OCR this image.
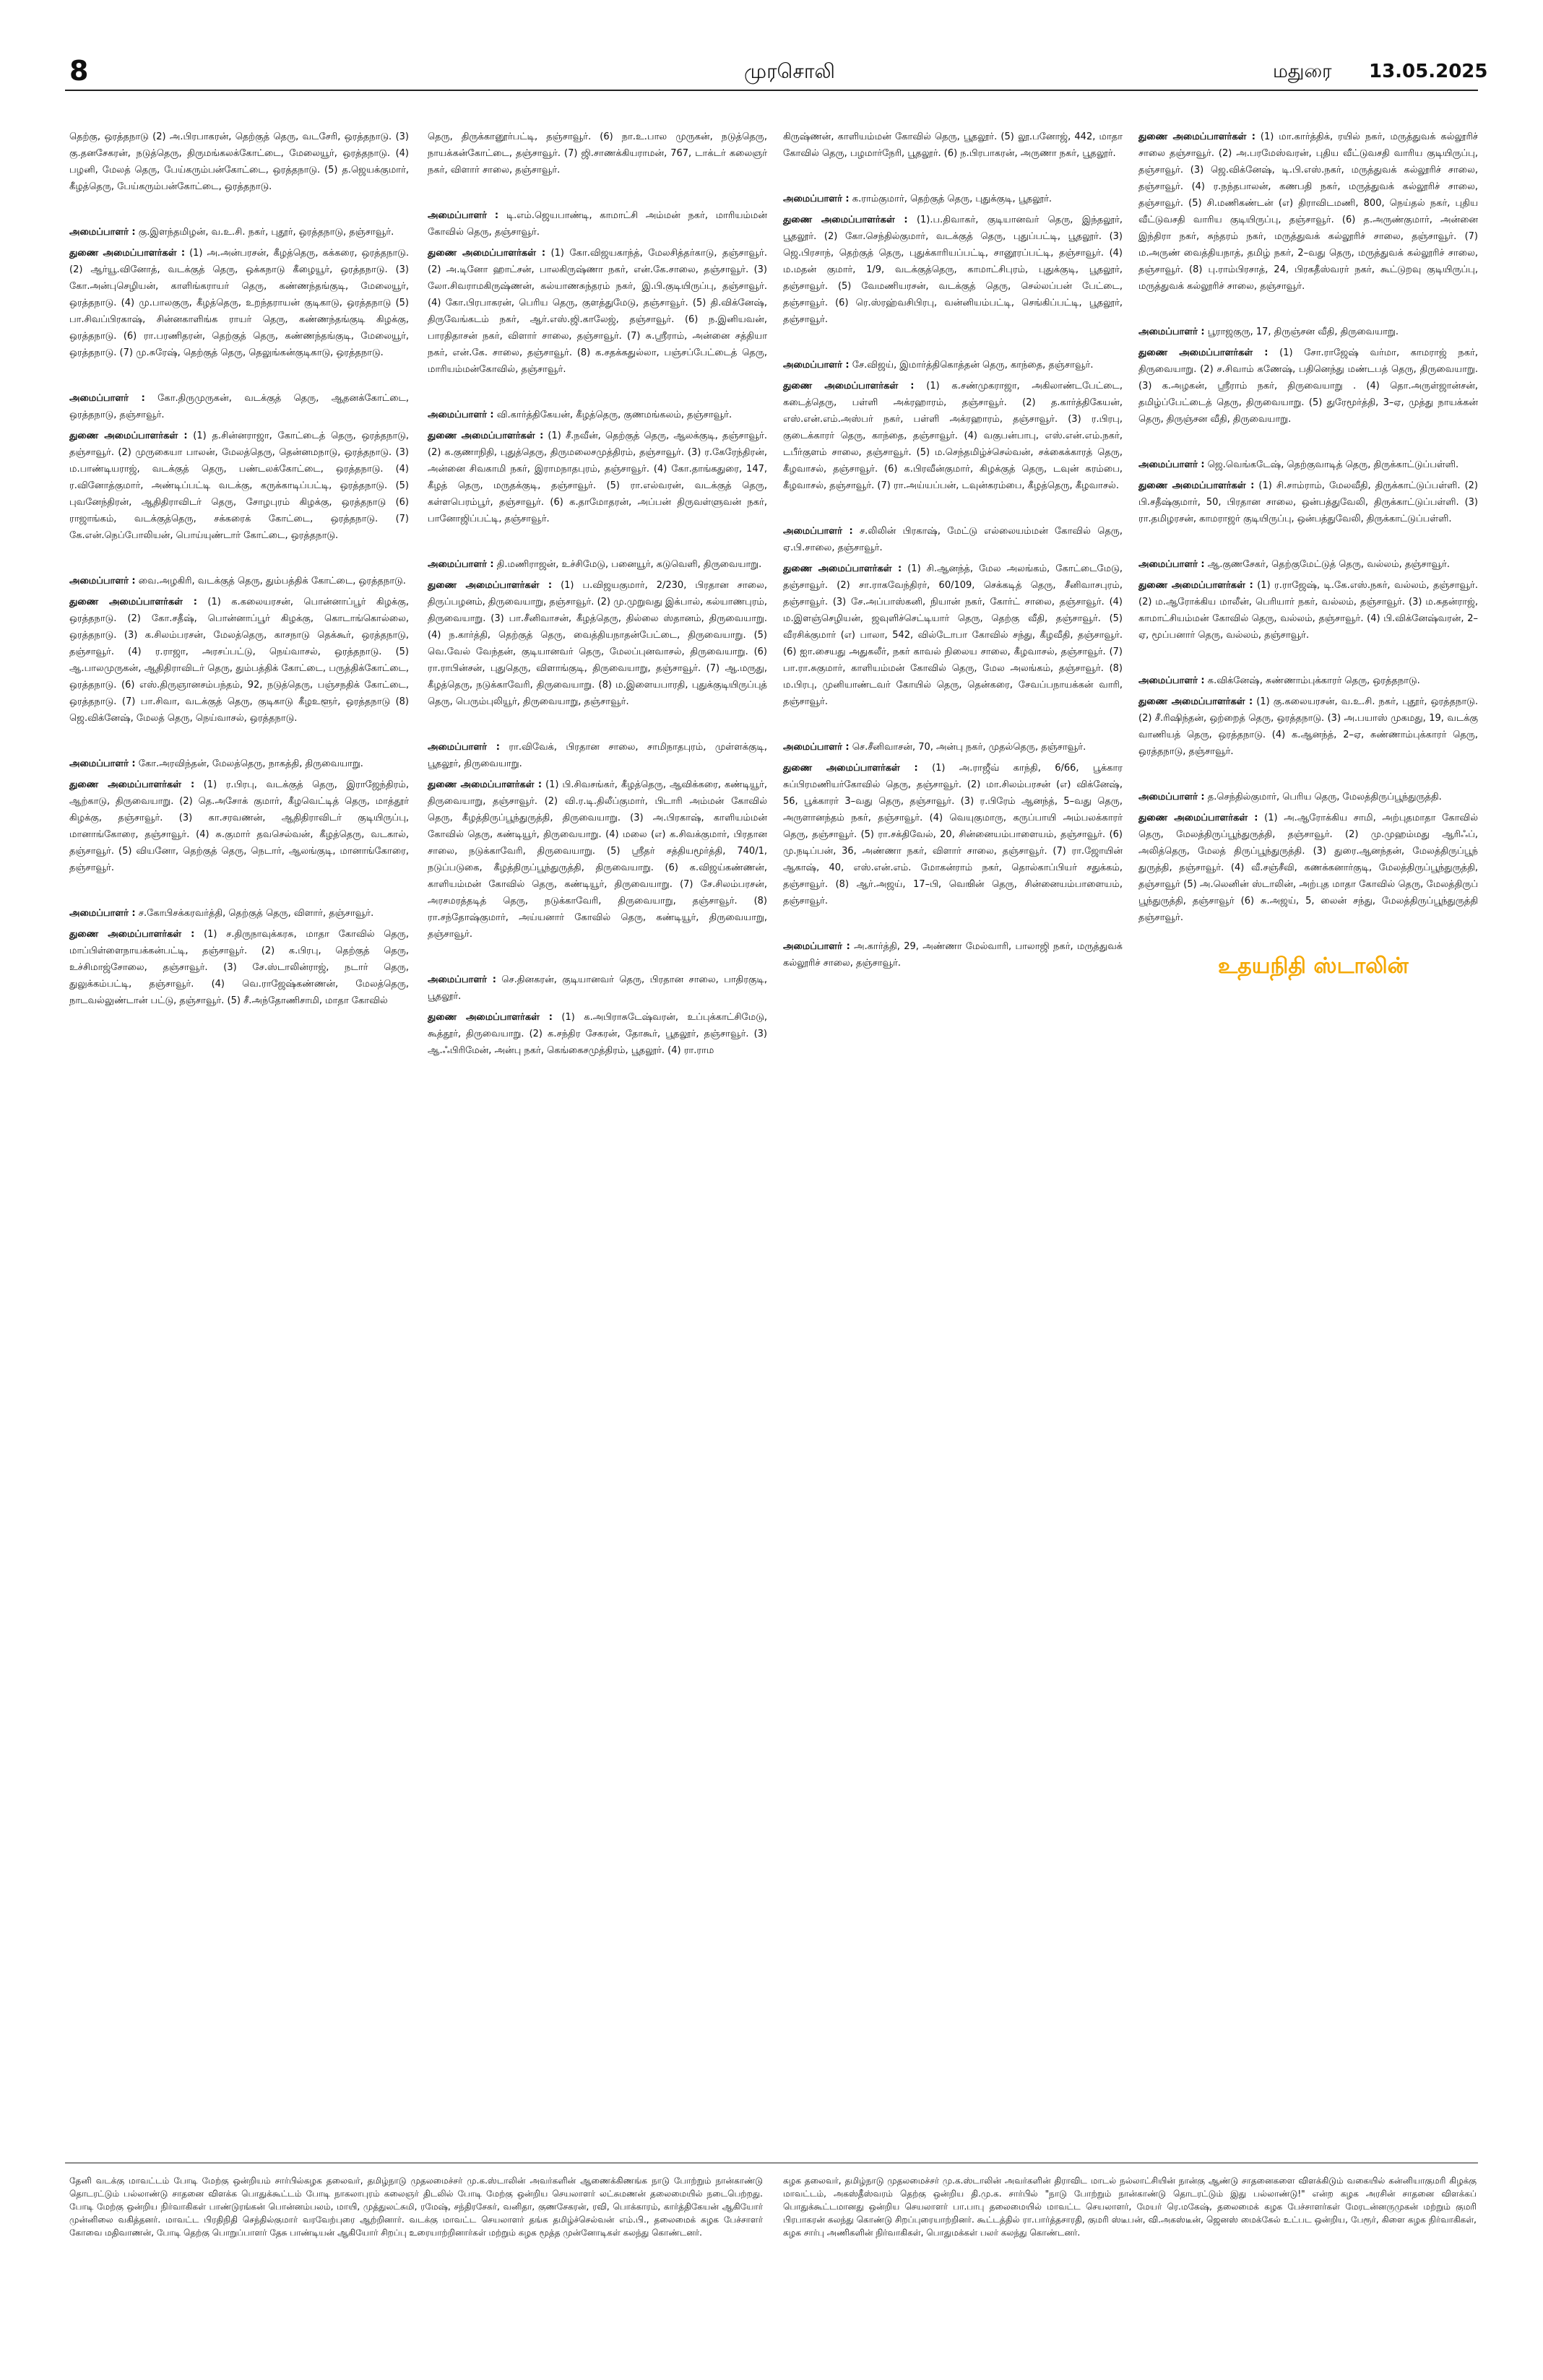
8	முரசொலி	மதுரை 13.05.2025

தெற்கு, ஒரத்தநாடு (2) அ.பிரபாகரன், தெற்குத் தெரு, வடசேரி, ஒரத்தநாடு. (3) கு.தனசேகரன், நடுத்தெரு, திருமங்கலக்கோட்டை, மேலையூர், ஒரத்தநாடு. (4) பழனி, மேலத் தெரு, பேய்கரும்பன்கோட்டை, ஒரத்தநாடு. (5) த.ஜெயக்குமார், கீழத்தெரு, பேய்கரும்பன்கோட்டை, ஒரத்தநாடு.

அமைப்பாளர் : கு.இளந்தமிழன், வ.உ.சி. நகர், புதூர், ஒரத்தநாடு, தஞ்சாவூர்.

துணை அமைப்பாளர்கள் : (1) அ.அன்பரசன், கீழத்தெரு, கக்கரை, ஒரத்தநாடு. (2) ஆர்யூ.வினோத், வடக்குத் தெரு, ஒக்கநாடு கீழையூர், ஒரத்தநாடு. (3) கோ.அன்புசெழியன், காளிங்கராயர் தெரு, கண்ணந்தங்குடி, மேலையூர், ஒரத்தநாடு. (4) மு.பாலகுரு, கீழத்தெரு, உறந்தராயன் குடிகாடு, ஒரத்தநாடு (5) பா.சிவப்பிரகாஷ், சின்னகாளிங்க ராயர் தெரு, கண்ணந்தங்குடி கிழக்கு, ஒரத்தநாடு. (6) ரா.பரணிதரன், தெற்குத் தெரு, கண்ணந்தங்குடி, மேலையூர், ஒரத்தநாடு. (7) மு.சுரேஷ், தெற்குத் தெரு, தெலுங்கன்குடிகாடு, ஒரத்தநாடு.

அமைப்பாளர் : கோ.திருமுருகன், வடக்குத் தெரு, ஆதனக்கோட்டை, ஒரத்தநாடு, தஞ்சாவூர்.

துணை அமைப்பாளர்கள் : (1) த.சின்னராஜா, கோட்டைத் தெரு, ஒரத்தநாடு, தஞ்சாவூர். (2) முருகையா பாலன், மேலத்தெரு, தென்னமநாடு, ஒரத்தநாடு. (3) ம.பாண்டியராஜ், வடக்குத் தெரு, பண்டலக்கோட்டை, ஒரத்தநாடு. (4) ர.வினோத்குமார், அண்டிப்பட்டி வடக்கு, கருக்காடிப்பட்டி, ஒரத்தநாடு. (5) புவனேந்திரன், ஆதிதிராவிடர் தெரு, சோழபுரம் கிழக்கு, ஒரத்தநாடு (6) ராஜாங்கம், வடக்குத்தெரு, சக்கரைக் கோட்டை, ஒரத்தநாடு. (7) கே.என்.நெப்போலியன், பொய்யுண்டார் கோட்டை, ஒரத்தநாடு.

அமைப்பாளர் : வை.அழகிரி, வடக்குத் தெரு, தும்பத்திக் கோட்டை, ஒரத்தநாடு.

துணை அமைப்பாளர்கள் : (1) க.கலையரசன், பொன்னாப்பூர் கிழக்கு, ஒரத்தநாடு. (2) கோ.சதீஷ், பொன்னாப்பூர் கிழக்கு, கொடாங்கொல்லை, ஒரத்தநாடு. (3) க.சிலம்பரசன், மேலத்தெரு, காசநாடு தெக்கூர், ஒரத்தநாடு, தஞ்சாவூர். (4) ர.ராஜா, அரசப்பட்டு, நெய்வாசல், ஒரத்தநாடு. (5) ஆ.பாலமுருகன், ஆதிதிராவிடர் தெரு, தும்பத்திக் கோட்டை, பருத்திக்கோட்டை, ஒரத்தநாடு. (6) எஸ்.திருஞானசம்பந்தம், 92, நடுத்தெரு, பஞ்சநதிக் கோட்டை, ஒரத்தநாடு. (7) பா.சிவா, வடக்குத் தெரு, குடிகாடு கீழஉளூர், ஒரத்தநாடு (8) ஜெ.விக்னேஷ், மேலத் தெரு, நெய்வாசல், ஒரத்தநாடு.

அமைப்பாளர் : கோ.அரவிந்தன், மேலத்தெரு, நாகத்தி, திருவையாறு.

துணை அமைப்பாளர்கள் : (1) ர.பிரபு, வடக்குத் தெரு, இராஜேந்திரம், ஆற்காடு, திருவையாறு. (2) தெ.அசோக் குமார், கீழவெட்டித் தெரு, மாத்தூர் கிழக்கு, தஞ்சாவூர். (3) கா.சரவணன், ஆதிதிராவிடர் குடியிருப்பு, மானாங்கோரை, தஞ்சாவூர். (4) சு.குமார் தவசெல்வன், கீழத்தெரு, வடகால், தஞ்சாவூர். (5) வியனோ, தெற்குத் தெரு, நெடார், ஆலங்குடி, மானாங்கோரை, தஞ்சாவூர்.

அமைப்பாளர் : ச.கோபிசக்கரவர்த்தி, தெற்குத் தெரு, விளார், தஞ்சாவூர்.

துணை அமைப்பாளர்கள் : (1) ச.திருநாவுக்கரசு, மாதா கோவில் தெரு, மாப்பிள்ளைநாயக்கன்பட்டி, தஞ்சாவூர். (2) க.பிரபு, தெற்குத் தெரு, உச்சிமாஜ்சோலை, தஞ்சாவூர். (3) சே.ஸ்டாலின்ராஜ், நடார் தெரு, துலுக்கம்பட்டி, தஞ்சாவூர். (4) வெ.ராஜேஷ்கண்ணன், மேலத்தெரு, நாடவல்லுண்டான் பட்டு, தஞ்சாவூர். (5) சீ.அந்தோணிசாமி, மாதா கோவில்

தெரு, திருக்கானூர்பட்டி, தஞ்சாவூர். (6) நா.உ.பால முருகன், நடுத்தெரு, நாயக்கன்கோட்டை, தஞ்சாவூர். (7) ஜி.சாணக்கியராமன், 767, டாக்டர் கலைஞர் நகர், விளார் சாலை, தஞ்சாவூர்.

அமைப்பாளர் : டி.எம்.ஜெயபாண்டி, காமாட்சி அம்மன் நகர், மாரியம்மன் கோவில் தெரு, தஞ்சாவூர்.

துணை அமைப்பாளர்கள் : (1) கோ.விஜயகாந்த், மேலசித்தர்காடு, தஞ்சாவூர். (2) அ.டினோ ஹாட்சன், பாலகிருஷ்ணா நகர், என்.கே.சாலை, தஞ்சாவூர். (3) லோ.சிவராமகிருஷ்ணன், கல்யாணசுந்தரம் நகர், இ.பி.குடியிருப்பு, தஞ்சாவூர். (4) கோ.பிரபாகரன், பெரிய தெரு, குளத்துமேடு, தஞ்சாவூர். (5) தி.விக்னேஷ், திருவேங்கடம் நகர், ஆர்.எஸ்.ஜி.காலேஜ், தஞ்சாவூர். (6) ந.இனியவன், பாரதிதாசன் நகர், விளார் சாலை, தஞ்சாவூர். (7) சு.ஸ்ரீராம், அன்னை சத்தியா நகர், என்.கே. சாலை, தஞ்சாவூர். (8) க.சதக்கதுல்லா, பஞ்சப்பேட்டைத் தெரு, மாரியம்மன்கோவில், தஞ்சாவூர்.

அமைப்பாளர் : வி.கார்த்திகேயன், கீழத்தெரு, குணமங்கலம், தஞ்சாவூர்.

துணை அமைப்பாளர்கள் : (1) சீ.நவீன், தெற்குத் தெரு, ஆலக்குடி, தஞ்சாவூர். (2) க.குணாநிதி, புதுத்தெரு, திருமலைசமுத்திரம், தஞ்சாவூர். (3) ர.கேரேந்திரன், அன்னை சிவகாமி நகர், இராமநாதபுரம், தஞ்சாவூர். (4) கோ.தாங்கதுரை, 147, கீழத் தெரு, மருதக்குடி, தஞ்சாவூர். (5) ரா.எல்வரன், வடக்குத் தெரு, கள்ளபெரம்பூர், தஞ்சாவூர். (6) க.தாமோதரன், அப்பன் திருவள்ளுவன் நகர், பானோஜிப்பட்டி, தஞ்சாவூர்.

அமைப்பாளர் : தி.மணிராஜன், உச்சிமேடு, பனையூர், கடுவெளி, திருவையாறு.

துணை அமைப்பாளர்கள் : (1) ப.விஜயகுமார், 2/230, பிரதான சாலை, திருப்பழனம், திருவையாறு, தஞ்சாவூர். (2) மு.முறுவது இக்பால், கல்யாணபுரம், திருவையாறு. (3) பா.சீனிவாசன், கீழத்தெரு, தில்லை ஸ்தானம், திருவையாறு. (4) ந.கார்த்தி, தெற்குத் தெரு, வைத்தியநாதன்பேட்டை, திருவையாறு. (5) வெ.வேல் வேந்தன், குடியானவர் தெரு, மேலப்புனவாசல், திருவையாறு. (6) ரா.ராபின்சன், புதுதெரு, விளாங்குடி, திருவையாறு, தஞ்சாவூர். (7) ஆ.மருது, கீழத்தெரு, நடுக்காவேரி, திருவையாறு. (8) ம.இளையபாரதி, புதுக்குடியிருப்புத் தெரு, பெரும்புலியூர், திருவையாறு, தஞ்சாவூர்.

அமைப்பாளர் : ரா.விவேக், பிரதான சாலை, சாமிநாதபுரம், முள்ளக்குடி, பூதலூர், திருவையாறு.

துணை அமைப்பாளர்கள் : (1) பி.சிவசங்கர், கீழத்தெரு, ஆவிக்கரை, கண்டியூர், திருவையாறு, தஞ்சாவூர். (2) வி.ர.டி.திலீப்குமார், பிடாரி அம்மன் கோவில் தெரு, கீழத்திருப்பூந்துருத்தி, திருவையாறு. (3) அ.பிரகாஷ், காளியம்மன் கோவில் தெரு, கண்டியூர், திருவையாறு. (4) மலை (எ) க.சிவக்குமார், பிரதான சாலை, நடுக்காவேரி, திருவையாறு. (5) ஸ்ரீதர் சத்தியமூர்த்தி, 740/1, நடுப்படுகை, கீழத்திருப்பூந்துருத்தி, திருவையாறு. (6) க.விஜய்கண்ணன், காளியம்மன் கோவில் தெரு, கண்டியூர், திருவையாறு. (7) சே.சிலம்பரசன், அரசமரத்தடித் தெரு, நடுக்காவேரி, திருவையாறு, தஞ்சாவூர். (8) ரா.சந்தோஷ்குமார், அய்யனார் கோவில் தெரு, கண்டியூர், திருவையாறு, தஞ்சாவூர்.

அமைப்பாளர் : செ.தினகரன், குடியானவர் தெரு, பிரதான சாலை, பாதிரகுடி, பூதலூர்.

துணை அமைப்பாளர்கள் : (1) க.அபிராசுடேஷ்வரன், உப்புக்காட்சிமேடு, கூத்தூர், திருவையாறு. (2) க.சந்திர சேகரன், தோகூர், பூதலூர், தஞ்சாவூர். (3) ஆ.ஃபிரிமேன், அன்பு நகர், கெங்கைசமுத்திரம், பூதலூர். (4) ரா.ராம

கிருஷ்ணன், காளியம்மன் கோவில் தெரு, பூதலூர். (5) லூ.பனோஜ், 442, மாதா கோவில் தெரு, பழமார்நேரி, பூதலூர். (6) ந.பிரபாகரன், அருணா நகர், பூதலூர்.

அமைப்பாளர் : க.ராம்குமார், தெற்குத் தெரு, புதுக்குடி, பூதலூர்.

துணை அமைப்பாளர்கள் : (1).ப.திவாகர், குடியானவர் தெரு, இந்தலூர், பூதலூர். (2) கோ.செந்தில்குமார், வடக்குத் தெரு, புதுப்பட்டி, பூதலூர். (3) ஜெ.பிரசாந், தெற்குத் தெரு, புதுக்காரியப்பட்டி, சானூரப்பட்டி, தஞ்சாவூர். (4) ம.மதன் குமார், 1/9, வடக்குத்தெரு, காமாட்சிபுரம், புதுக்குடி, பூதலூர், தஞ்சாவூர். (5) வேமணியரசன், வடக்குத் தெரு, செல்லப்பன் பேட்டை, தஞ்சாவூர். (6) ரெ.ஸ்ரஹ்வசிபிரபு, வன்னியம்பட்டி, செங்கிப்பட்டி, பூதலூர், தஞ்சாவூர்.

அமைப்பாளர் : சே.விஜய், இமார்த்திகொத்தன் தெரு, காந்தை, தஞ்சாவூர்.

துணை அமைப்பாளர்கள் : (1) க.சண்முகராஜா, அகிலாண்டபேட்டை, கடைத்தெரு, பள்ளி அக்ரஹாரம், தஞ்சாவூர். (2) த.கார்த்திகேயன், எஸ்.என்.எம்.அஸ்பர் நகர், பள்ளி அக்ரஹாரம், தஞ்சாவூர். (3) ர.பிரபு, குடைக்காரர் தெரு, காந்தை, தஞ்சாவூர். (4) வகுபன்பாபு, எஸ்.என்.எம்.நகர், டபீர்குளம் சாலை, தஞ்சாவூர். (5) ம.செந்தமிழ்ச்செல்வன், சக்கைக்காரத் தெரு, கீழவாசல், தஞ்சாவூர். (6) க.பிரவீன்குமார், கிழக்குத் தெரு, டவுன் கரம்பை, கீழவாசல், தஞ்சாவூர். (7) ரா.அய்யப்பன், டவுன்கரம்பை, கீழத்தெரு, கீழவாசல்.

அமைப்பாளர் : ச.லிலின் பிரகாஷ், மேட்டு எல்லையம்மன் கோவில் தெரு, ஏ.பி.சாலை, தஞ்சாவூர்.

துணை அமைப்பாளர்கள் : (1) சி.ஆனந்த், மேல அலங்கம், கோட்டைமேடு, தஞ்சாவூர். (2) சா.ராகவேந்திரர், 60/109, செக்கடித் தெரு, சீனிவாசபுரம், தஞ்சாவூர். (3) சே.அப்பாஸ்கனி, நியான் நகர், கோர்ட் சாலை, தஞ்சாவூர். (4) ம.இளஞ்செழியன், ஜவுளிச்செட்டியார் தெரு, தெற்கு வீதி, தஞ்சாவூர். (5) வீரசிக்குமார் (எ) பாலா, 542, வில்டோபா கோவில் சந்து, கீழவீதி, தஞ்சாவூர். (6) ஐா.சையது அதுகலீர், நகர் காவல் நிலைய சாலை, கீழவாசல், தஞ்சாவூர். (7) பா.ரா.சுகுமார், காளியம்மன் கோவில் தெரு, மேல அலங்கம், தஞ்சாவூர். (8) ம.பிரபு, முனியாண்டவர் கோயில் தெரு, தென்கரை, சேவப்பநாயக்கன் வாரி, தஞ்சாவூர்.

அமைப்பாளர் : செ.சீனிவாசன், 70, அன்பு நகர், முதல்தெரு, தஞ்சாவூர்.

துணை அமைப்பாளர்கள் : (1) அ.ராஜீவ் காந்தி, 6/66, பூக்கார சுப்பிரமணியர்கோவில் தெரு, தஞ்சாவூர். (2) மா.சிலம்பரசன் (எ) விக்னேஷ், 56, பூக்காரர் 3–வது தெரு, தஞ்சாவூர். (3) ர.பிரேம் ஆனந்த், 5–வது தெரு, அருளானந்தம் நகர், தஞ்சாவூர். (4) வெயுகுமாரு, கருப்பாயி அம்பலக்காரர் தெரு, தஞ்சாவூர். (5) ரா.சக்திவேல், 20, சின்னையம்பாளையம், தஞ்சாவூர். (6) மு.நடிப்பன், 36, அண்ணா நகர், விளார் சாலை, தஞ்சாவூர். (7) ரா.ஜோயின் ஆகாஷ், 40, எஸ்.என்.எம். மோகன்ராம் நகர், தொல்காப்பியர் சதுக்கம், தஞ்சாவூர். (8) ஆர்.அஜய், 17–பி, வெஙின் தெரு, சின்னையம்பாளையம், தஞ்சாவூர்.

அமைப்பாளர் : அ.கார்த்தி, 29, அண்ணா மேல்வாரி, பாலாஜி நகர், மருத்துவக் கல்லூரிச் சாலை, தஞ்சாவூர்.

துணை அமைப்பாளர்கள் : (1) மா.கார்த்திக், ரயில் நகர், மருத்துவக் கல்லூரிச் சாலை தஞ்சாவூர். (2) அ.பரமேஸ்வரன், புதிய வீட்டுவசதி வாரிய குடியிருப்பு, தஞ்சாவூர். (3) ஜெ.விக்னேஷ், டி.பி.எஸ்.நகர், மருத்துவக் கல்லூரிச் சாலை, தஞ்சாவூர். (4) ர.நந்தபாலன், கணபதி நகர், மருத்துவக் கல்லூரிச் சாலை, தஞ்சாவூர். (5) சி.மணிகண்டன் (எ) திராவிடமணி, 800, நெய்தல் நகர், புதிய வீட்டுவசதி வாரிய குடியிருப்பு, தஞ்சாவூர். (6) த.அருண்குமார், அன்னை இந்திரா நகர், சுந்தரம் நகர், மருத்துவக் கல்லூரிச் சாலை, தஞ்சாவூர். (7) ம.அருண் வைத்தியநாத், தமிழ் நகர், 2–வது தெரு, மருத்துவக் கல்லூரிச் சாலை, தஞ்சாவூர். (8) பு.ராம்பிரசாத், 24, பிரகதீஸ்வரர் நகர், கூட்டுறவு குடியிருப்பு, மருத்துவக் கல்லூரிச் சாலை, தஞ்சாவூர்.

அமைப்பாளர் : பூராஜகுரு, 17, திருஞ்சன வீதி, திருவையாறு.

துணை அமைப்பாளர்கள் : (1) சோ.ராஜேஷ் வர்மா, காமராஜ் நகர், திருவையாறு. (2) ச.சிவாம் கணேஷ், பதினெந்து மண்டபத் தெரு, திருவையாறு. (3) க.அழகன், ஸ்ரீராம் நகர், திருவையாறு . (4) தொ.அருள்ஜான்சன், தமிழ்ப்பேட்டைத் தெரு, திருவையாறு. (5) துரேமூர்த்தி, 3–ஏ, முத்து நாயக்கன் தெரு, திருஞ்சன வீதி, திருவையாறு.

அமைப்பாளர் : ஜெ.வெங்கடேஷ், தெற்குவாடித் தெரு, திருக்காட்டுப்பள்ளி.

துணை அமைப்பாளர்கள் : (1) சி.சாம்ராம், மேலவீதி, திருக்காட்டுப்பள்ளி. (2) பி.சதீஷ்குமார், 50, பிரதான சாலை, ஒன்பத்துவேலி, திருக்காட்டுப்பள்ளி. (3) ரா.தமிழரசன், காமராஜர் குடியிருப்பு, ஒன்பத்துவேலி, திருக்காட்டுப்பள்ளி.

அமைப்பாளர் : ஆ.குணசேகர், தெற்குமேட்டுத் தெரு, வல்லம், தஞ்சாவூர்.

துணை அமைப்பாளர்கள் : (1) ர.ராஜேஷ், டி.கே.எஸ்.நகர், வல்லம், தஞ்சாவூர். (2) ம.ஆரோக்கிய மாலீன், பெரியார் நகர், வல்லம், தஞ்சாவூர். (3) ம.சுதன்ராஜ், காமாட்சியம்மன் கோவில் தெரு, வல்லம், தஞ்சாவூர். (4) பி.விக்னேஷ்வரன், 2–ஏ, மூப்பனார் தெரு, வல்லம், தஞ்சாவூர்.

அமைப்பாளர் : க.விக்னேஷ், சுண்ணாம்புக்காரர் தெரு, ஒரத்தநாடு.

துணை அமைப்பாளர்கள் : (1) கு.கலையரசன், வ.உ.சி. நகர், புதூர், ஒரத்தநாடு. (2) சீ.ரிஷிந்தன், ஒற்றைத் தெரு, ஒரத்தநாடு. (3) அ.பயாஸ் முகமது, 19, வடக்கு வாணியத் தெரு, ஒரத்தநாடு. (4) க.ஆனந்த், 2–ஏ, சுண்ணாம்புக்காரர் தெரு, ஒரத்தநாடு, தஞ்சாவூர்.

அமைப்பாளர் : த.செந்தில்குமார், பெரிய தெரு, மேலத்திருப்பூந்துருத்தி.

துணை அமைப்பாளர்கள் : (1) அ.ஆரோக்கிய சாமி, அற்புதமாதா கோவில் தெரு, மேலத்திருப்பூந்துருத்தி, தஞ்சாவூர். (2) மு.முஹம்மது ஆரிஃப், அலித்தெரு, மேலத் திருப்பூந்துருத்தி. (3) துரை.ஆனந்தன், மேலத்திருப்பூந் துருத்தி, தஞ்சாவூர். (4) வீ.சஞ்சீவி, கணக்கனார்குடி, மேலத்திருப்பூந்துருத்தி, தஞ்சாவூர் (5) அ.லெனின் ஸ்டாலின், அற்புத மாதா கோவில் தெரு, மேலத்திருப் பூந்துருத்தி, தஞ்சாவூர் (6) சு.அஜய், 5, லைன் சந்து, மேலத்திருப்பூந்துருத்தி தஞ்சாவூர்.

உதயநிதி ஸ்டாலின்
தேனி வடக்கு மாவட்டம் போடி மேற்கு ஒன்றியம் சார்பில்கழக தலைவர், தமிழ்நாடு முதலமைச்சர் மு.க.ஸ்டாலின் அவர்களின் ஆணைக்கிணங்க நாடு போற்றும் நான்காண்டு தொடரட்டும் பல்லாண்டு சாதனை விளக்க பொதுக்கூட்டம் போடி நாகலாபுரம் கலைஞர் திடலில் போடி மேற்கு ஒன்றிய செயலாளர் லட்சுமணன் தலைமையில் நடைபெற்றது. போடி மேற்கு ஒன்றிய நிர்வாகிகள் பாண்டுரங்கன் பொன்னம்பலம், மாயி, முத்துலட்சுமி, ரமேஷ், சந்திரசேகர், வனிதா, குணசேகரன், ரவி, பொக்காரம், கார்த்திகேயன் ஆகியோர் முன்னிலை வகித்தனர். மாவட்ட பிரதிநிதி செந்தில்குமார் வரவேற்புரை ஆற்றினார். வடக்கு மாவட்ட செயலாளர் தங்க தமிழ்ச்செல்வன் எம்.பி., தலைமைக் கழக பேச்சாளர் கோவை மதிவாணன், போடி தெற்கு பொறுப்பாளர் தேசு பாண்டியன் ஆகியோர் சிறப்பு உரையாற்றினார்கள் மற்றும் கழக மூத்த முன்னோடிகள் கலந்து கொண்டனர்.
கழக தலைவர், தமிழ்நாடு முதலமைச்சர் மு.க.ஸ்டாலின் அவர்களின் திராவிட மாடல் நல்லாட்சியின் நான்கு ஆண்டு சாதனைகளை விளக்கிடும் வகையில் கன்னியாகுமரி கிழக்கு மாவட்டம், அகஸ்தீஸ்வரம் தெற்கு ஒன்றிய தி.மு.க. சார்பில் "நாடு போற்றும் நான்காண்டு தொடரட்டும் இது பல்லாண்டு!" என்ற கழக அரசின் சாதனை விளக்கப் பொதுக்கூட்டமானது ஒன்றிய செயலாளர் பா.பாபு தலைமையில் மாவட்ட செயலாளர், மேயர் ரெ.மகேஷ், தலைமைக் கழக பேச்சாளர்கள் மேரடன்னருமுகன் மற்றும் குமரி பிரபாகரன் கலந்து கொண்டு சிறப்புரையாற்றினர். கூட்டத்தில் ரா.பார்த்தசாரதி, குமரி ஸ்டீபன், வி.அகஸ்டீன், ஜெனஸ் மைக்கேல் உட்பட ஒன்றிய, பேரூர், கிளை கழக நிர்வாகிகள், கழக சார்பு அணிகளின் நிர்வாகிகள், பொதுமக்கள் பலர் கலந்து கொண்டனர்.
